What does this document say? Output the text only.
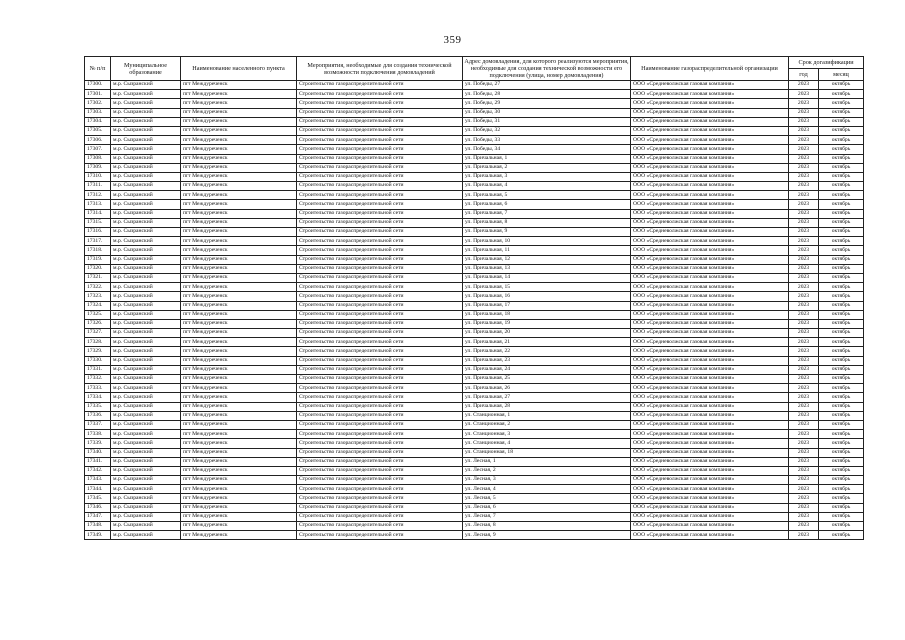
359
№ п/п	Муниципальное образование	Наименование населенного пункта	Мероприятия, необходимые для создания технической возможности подключения домовладений	Адрес домовладения, для которого реализуются мероприятия, необходимые для создания технической возможности его подключения (улица, номер домовладения)	Наименование газораспределительной организации	Срок догазификации	
						год	месяц
17300.	м.р. Сызранский	пгт Междуреченск	Строительство газораспределительной сети	ул. Победы, 27	ООО «Средневолжская газовая компания»	2023	октябрь
17301.	м.р. Сызранский	пгт Междуреченск	Строительство газораспределительной сети	ул. Победы, 28	ООО «Средневолжская газовая компания»	2023	октябрь
17302.	м.р. Сызранский	пгт Междуреченск	Строительство газораспределительной сети	ул. Победы, 29	ООО «Средневолжская газовая компания»	2023	октябрь
17303.	м.р. Сызранский	пгт Междуреченск	Строительство газораспределительной сети	ул. Победы, 30	ООО «Средневолжская газовая компания»	2023	октябрь
17304.	м.р. Сызранский	пгт Междуреченск	Строительство газораспределительной сети	ул. Победы, 31	ООО «Средневолжская газовая компания»	2023	октябрь
17305.	м.р. Сызранский	пгт Междуреченск	Строительство газораспределительной сети	ул. Победы, 32	ООО «Средневолжская газовая компания»	2023	октябрь
17306.	м.р. Сызранский	пгт Междуреченск	Строительство газораспределительной сети	ул. Победы, 33	ООО «Средневолжская газовая компания»	2023	октябрь
17307.	м.р. Сызранский	пгт Междуреченск	Строительство газораспределительной сети	ул. Победы, 34	ООО «Средневолжская газовая компания»	2023	октябрь
17308.	м.р. Сызранский	пгт Междуреченск	Строительство газораспределительной сети	ул. Причальная, 1	ООО «Средневолжская газовая компания»	2023	октябрь
17309.	м.р. Сызранский	пгт Междуреченск	Строительство газораспределительной сети	ул. Причальная, 2	ООО «Средневолжская газовая компания»	2023	октябрь
17310.	м.р. Сызранский	пгт Междуреченск	Строительство газораспределительной сети	ул. Причальная, 3	ООО «Средневолжская газовая компания»	2023	октябрь
17311.	м.р. Сызранский	пгт Междуреченск	Строительство газораспределительной сети	ул. Причальная, 4	ООО «Средневолжская газовая компания»	2023	октябрь
17312.	м.р. Сызранский	пгт Междуреченск	Строительство газораспределительной сети	ул. Причальная, 5	ООО «Средневолжская газовая компания»	2023	октябрь
17313.	м.р. Сызранский	пгт Междуреченск	Строительство газораспределительной сети	ул. Причальная, 6	ООО «Средневолжская газовая компания»	2023	октябрь
17314.	м.р. Сызранский	пгт Междуреченск	Строительство газораспределительной сети	ул. Причальная, 7	ООО «Средневолжская газовая компания»	2023	октябрь
17315.	м.р. Сызранский	пгт Междуреченск	Строительство газораспределительной сети	ул. Причальная, 8	ООО «Средневолжская газовая компания»	2023	октябрь
17316.	м.р. Сызранский	пгт Междуреченск	Строительство газораспределительной сети	ул. Причальная, 9	ООО «Средневолжская газовая компания»	2023	октябрь
17317.	м.р. Сызранский	пгт Междуреченск	Строительство газораспределительной сети	ул. Причальная, 10	ООО «Средневолжская газовая компания»	2023	октябрь
17318.	м.р. Сызранский	пгт Междуреченск	Строительство газораспределительной сети	ул. Причальная, 11	ООО «Средневолжская газовая компания»	2023	октябрь
17319.	м.р. Сызранский	пгт Междуреченск	Строительство газораспределительной сети	ул. Причальная, 12	ООО «Средневолжская газовая компания»	2023	октябрь
17320.	м.р. Сызранский	пгт Междуреченск	Строительство газораспределительной сети	ул. Причальная, 13	ООО «Средневолжская газовая компания»	2023	октябрь
17321.	м.р. Сызранский	пгт Междуреченск	Строительство газораспределительной сети	ул. Причальная, 14	ООО «Средневолжская газовая компания»	2023	октябрь
17322.	м.р. Сызранский	пгт Междуреченск	Строительство газораспределительной сети	ул. Причальная, 15	ООО «Средневолжская газовая компания»	2023	октябрь
17323.	м.р. Сызранский	пгт Междуреченск	Строительство газораспределительной сети	ул. Причальная, 16	ООО «Средневолжская газовая компания»	2023	октябрь
17324.	м.р. Сызранский	пгт Междуреченск	Строительство газораспределительной сети	ул. Причальная, 17	ООО «Средневолжская газовая компания»	2023	октябрь
17325.	м.р. Сызранский	пгт Междуреченск	Строительство газораспределительной сети	ул. Причальная, 18	ООО «Средневолжская газовая компания»	2023	октябрь
17326.	м.р. Сызранский	пгт Междуреченск	Строительство газораспределительной сети	ул. Причальная, 19	ООО «Средневолжская газовая компания»	2023	октябрь
17327.	м.р. Сызранский	пгт Междуреченск	Строительство газораспределительной сети	ул. Причальная, 20	ООО «Средневолжская газовая компания»	2023	октябрь
17328.	м.р. Сызранский	пгт Междуреченск	Строительство газораспределительной сети	ул. Причальная, 21	ООО «Средневолжская газовая компания»	2023	октябрь
17329.	м.р. Сызранский	пгт Междуреченск	Строительство газораспределительной сети	ул. Причальная, 22	ООО «Средневолжская газовая компания»	2023	октябрь
17330.	м.р. Сызранский	пгт Междуреченск	Строительство газораспределительной сети	ул. Причальная, 23	ООО «Средневолжская газовая компания»	2023	октябрь
17331.	м.р. Сызранский	пгт Междуреченск	Строительство газораспределительной сети	ул. Причальная, 24	ООО «Средневолжская газовая компания»	2023	октябрь
17332.	м.р. Сызранский	пгт Междуреченск	Строительство газораспределительной сети	ул. Причальная, 25	ООО «Средневолжская газовая компания»	2023	октябрь
17333.	м.р. Сызранский	пгт Междуреченск	Строительство газораспределительной сети	ул. Причальная, 26	ООО «Средневолжская газовая компания»	2023	октябрь
17334.	м.р. Сызранский	пгт Междуреченск	Строительство газораспределительной сети	ул. Причальная, 27	ООО «Средневолжская газовая компания»	2023	октябрь
17335.	м.р. Сызранский	пгт Междуреченск	Строительство газораспределительной сети	ул. Причальная, 28	ООО «Средневолжская газовая компания»	2023	октябрь
17336.	м.р. Сызранский	пгт Междуреченск	Строительство газораспределительной сети	ул. Станционная, 1	ООО «Средневолжская газовая компания»	2023	октябрь
17337.	м.р. Сызранский	пгт Междуреченск	Строительство газораспределительной сети	ул. Станционная, 2	ООО «Средневолжская газовая компания»	2023	октябрь
17338.	м.р. Сызранский	пгт Междуреченск	Строительство газораспределительной сети	ул. Станционная, 3	ООО «Средневолжская газовая компания»	2023	октябрь
17339.	м.р. Сызранский	пгт Междуреченск	Строительство газораспределительной сети	ул. Станционная, 4	ООО «Средневолжская газовая компания»	2023	октябрь
17340.	м.р. Сызранский	пгт Междуреченск	Строительство газораспределительной сети	ул. Станционная, 18	ООО «Средневолжская газовая компания»	2023	октябрь
17341.	м.р. Сызранский	пгт Междуреченск	Строительство газораспределительной сети	ул. Лесная, 1	ООО «Средневолжская газовая компания»	2023	октябрь
17342.	м.р. Сызранский	пгт Междуреченск	Строительство газораспределительной сети	ул. Лесная, 2	ООО «Средневолжская газовая компания»	2023	октябрь
17343.	м.р. Сызранский	пгт Междуреченск	Строительство газораспределительной сети	ул. Лесная, 3	ООО «Средневолжская газовая компания»	2023	октябрь
17344.	м.р. Сызранский	пгт Междуреченск	Строительство газораспределительной сети	ул. Лесная, 4	ООО «Средневолжская газовая компания»	2023	октябрь
17345.	м.р. Сызранский	пгт Междуреченск	Строительство газораспределительной сети	ул. Лесная, 5	ООО «Средневолжская газовая компания»	2023	октябрь
17346.	м.р. Сызранский	пгт Междуреченск	Строительство газораспределительной сети	ул. Лесная, 6	ООО «Средневолжская газовая компания»	2023	октябрь
17347.	м.р. Сызранский	пгт Междуреченск	Строительство газораспределительной сети	ул. Лесная, 7	ООО «Средневолжская газовая компания»	2023	октябрь
17348.	м.р. Сызранский	пгт Междуреченск	Строительство газораспределительной сети	ул. Лесная, 8	ООО «Средневолжская газовая компания»	2023	октябрь
17349.	м.р. Сызранский	пгт Междуреченск	Строительство газораспределительной сети	ул. Лесная, 9	ООО «Средневолжская газовая компания»	2023	октябрь
